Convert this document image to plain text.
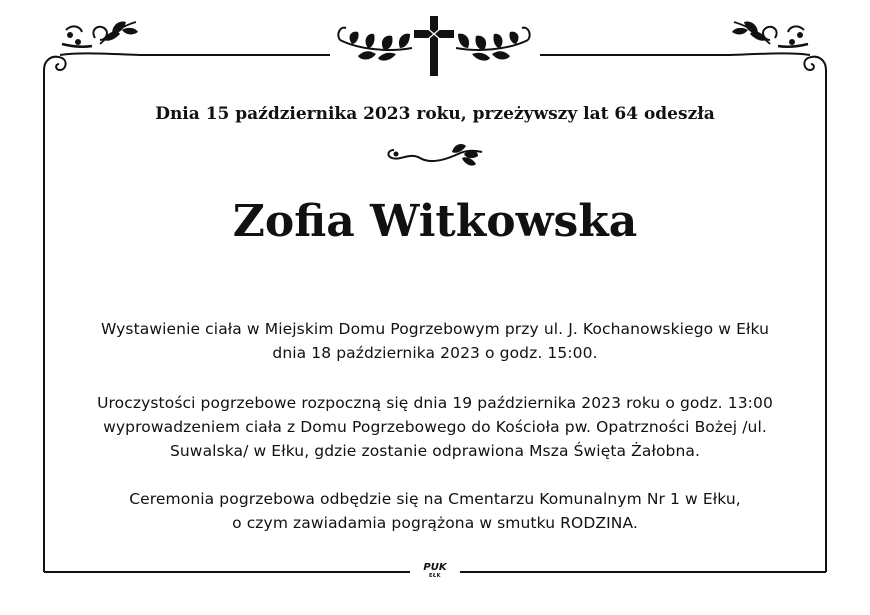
Dnia 15 października 2023 roku, przeżywszy lat 64 odeszła
Zofia Witkowska
Wystawienie ciała w Miejskim Domu Pogrzebowym przy ul. J. Kochanowskiego w Ełku
dnia 18 października 2023 o godz. 15:00.
Uroczystości pogrzebowe rozpoczną się dnia 19 października 2023 roku o godz. 13:00
wyprowadzeniem ciała z Domu Pogrzebowego do Kościoła pw. Opatrzności Bożej /ul.
Suwalska/ w Ełku, gdzie zostanie odprawiona Msza Święta Żałobna.
Ceremonia pogrzebowa odbędzie się na Cmentarzu Komunalnym Nr 1 w Ełku,
o czym zawiadamia pogrążona w smutku RODZINA.
PUK
EŁK
